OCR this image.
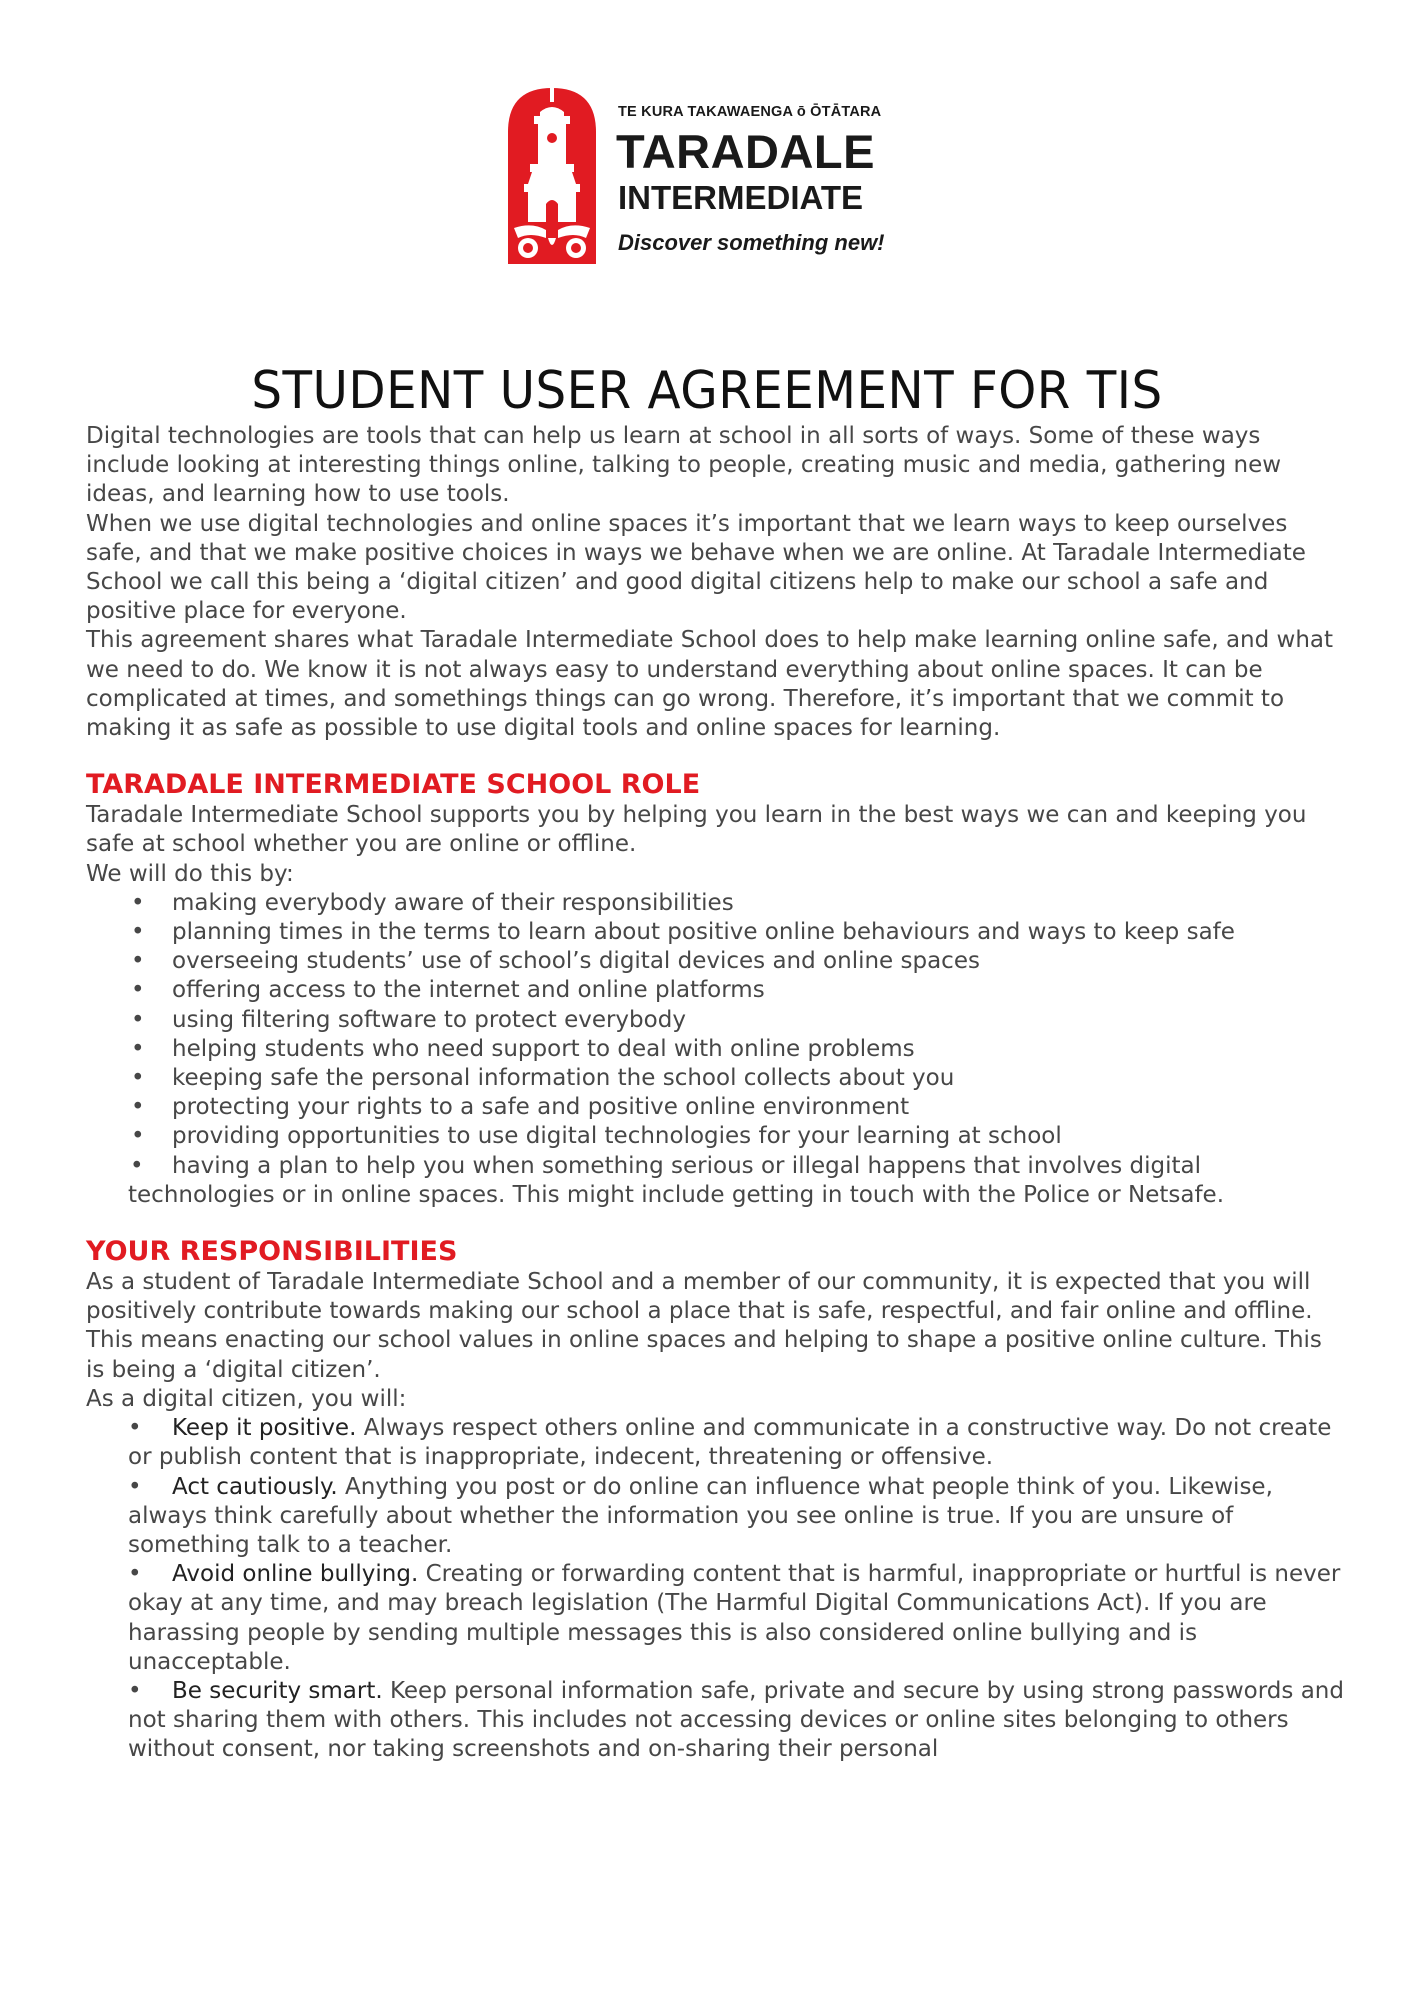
TE KURA TAKAWAENGA ō ŌTĀTARA
TARADALE
INTERMEDIATE
Discover something new!
STUDENT USER AGREEMENT FOR TIS

Digital technologies are tools that can help us learn at school in all sorts of ways. Some of these ways include looking at interesting things online, talking to people, creating music and media, gathering new ideas, and learning how to use tools.

When we use digital technologies and online spaces it’s important that we learn ways to keep ourselves safe, and that we make positive choices in ways we behave when we are online. At Taradale Intermediate School we call this being a ‘digital citizen’ and good digital citizens help to make our school a safe and positive place for everyone.

This agreement shares what Taradale Intermediate School does to help make learning online safe, and what we need to do. We know it is not always easy to understand everything about online spaces. It can be complicated at times, and somethings things can go wrong. Therefore, it’s important that we commit to making it as safe as possible to use digital tools and online spaces for learning.

TARADALE INTERMEDIATE SCHOOL ROLE

Taradale Intermediate School supports you by helping you learn in the best ways we can and keeping you safe at school whether you are online or offline.

We will do this by:

• making everybody aware of their responsibilities
• planning times in the terms to learn about positive online behaviours and ways to keep safe
• overseeing students’ use of school’s digital devices and online spaces
• offering access to the internet and online platforms
• using filtering software to protect everybody
• helping students who need support to deal with online problems
• keeping safe the personal information the school collects about you
• protecting your rights to a safe and positive online environment
• providing opportunities to use digital technologies for your learning at school
• having a plan to help you when something serious or illegal happens that involves digital technologies or in online spaces. This might include getting in touch with the Police or Netsafe.
YOUR RESPONSIBILITIES

As a student of Taradale Intermediate School and a member of our community, it is expected that you will positively contribute towards making our school a place that is safe, respectful, and fair online and offline. This means enacting our school values in online spaces and helping to shape a positive online culture. This is being a ‘digital citizen’.

As a digital citizen, you will:

• Keep it positive. Always respect others online and communicate in a constructive way. Do not create or publish content that is inappropriate, indecent, threatening or offensive.

• Act cautiously. Anything you post or do online can influence what people think of you. Likewise, always think carefully about whether the information you see online is true. If you are unsure of something talk to a teacher.

• Avoid online bullying. Creating or forwarding content that is harmful, inappropriate or hurtful is never okay at any time, and may breach legislation (The Harmful Digital Communications Act). If you are harassing people by sending multiple messages this is also considered online bullying and is unacceptable.

• Be security smart. Keep personal information safe, private and secure by using strong passwords and not sharing them with others. This includes not accessing devices or online sites belonging to others without consent, nor taking screenshots and on-sharing their personal
